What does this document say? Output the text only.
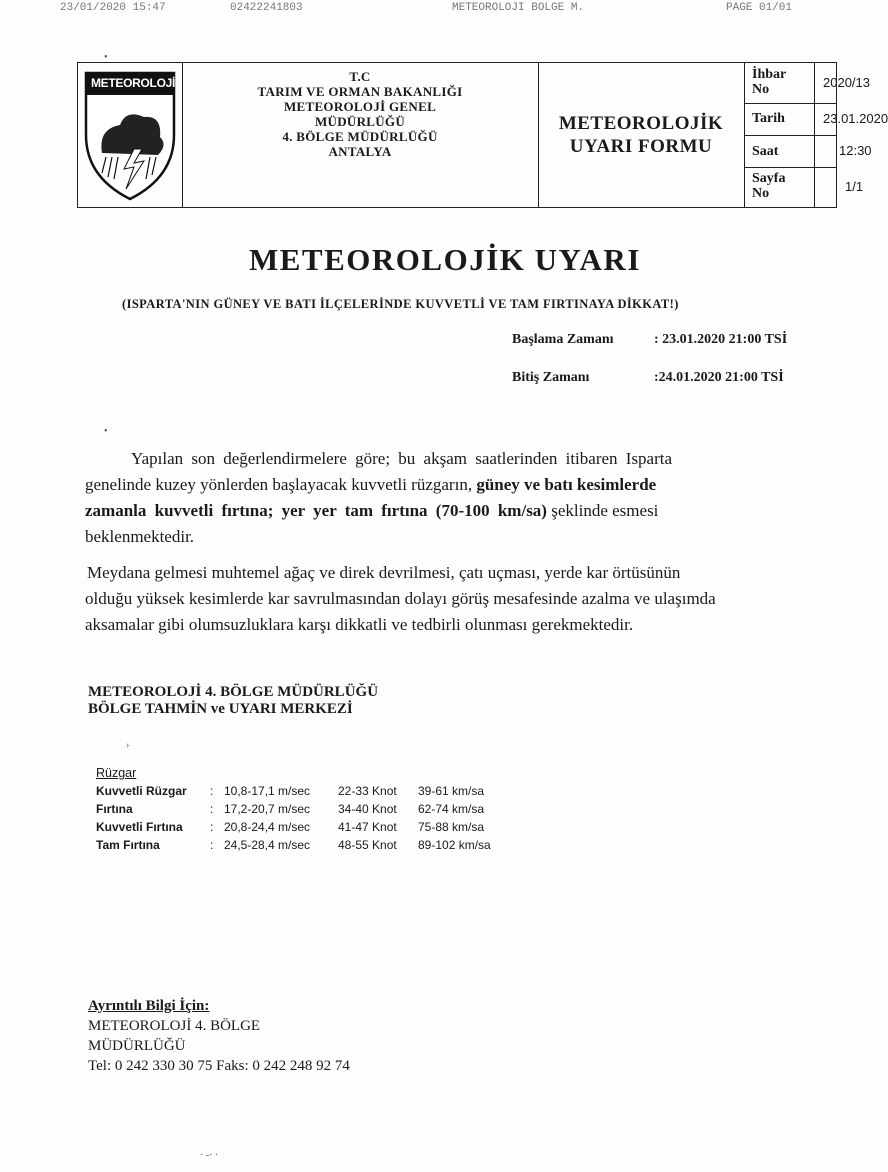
23/01/2020 15:47	02422241803	METEOROLOJI BOLGE M.	PAGE 01/01
METEOROLOJİ	T.C
TARIM VE ORMAN BAKANLIĞI
METEOROLOJİ GENEL
MÜDÜRLÜĞÜ
4. BÖLGE MÜDÜRLÜĞÜ
ANTALYA
METEOROLOJİK
UYARI FORMU
İhbar
No	2020/13
Tarih	23.01.2020
Saat	12:30
Sayfa
No	1/1
METEOROLOJİK UYARI
(ISPARTA'NIN GÜNEY VE BATI İLÇELERİNDE KUVVETLİ VE TAM FIRTINAYA DİKKAT!)
Başlama Zamanı	: 23.01.2020 21:00 TSİ
Bitiş Zamanı	:24.01.2020 21:00 TSİ
Yapılan son değerlendirmelere göre; bu akşam saatlerinden itibaren Isparta
genelinde kuzey yönlerden başlayacak kuvvetli rüzgarın, güney ve batı kesimlerde
zamanla kuvvetli fırtına; yer yer tam fırtına (70-100 km/sa) şeklinde esmesi
beklenmektedir.
Meydana gelmesi muhtemel ağaç ve direk devrilmesi, çatı uçması, yerde kar örtüsünün
olduğu yüksek kesimlerde kar savrulmasından dolayı görüş mesafesinde azalma ve ulaşımda
aksamalar gibi olumsuzluklara karşı dikkatli ve tedbirli olunması gerekmektedir.
METEOROLOJİ 4. BÖLGE MÜDÜRLÜĞÜ
BÖLGE TAHMİN ve UYARI MERKEZİ
Rüzgar
Kuvvetli Rüzgar : 10,8-17,1 m/sec 22-33 Knot 39-61 km/sa
Fırtına	: 17,2-20,7 m/sec 34-40 Knot 62-74 km/sa
Kuvvetli Fırtına : 20,8-24,4 m/sec 41-47 Knot 75-88 km/sa
Tam Fırtına	: 24,5-28,4 m/sec 48-55 Knot 89-102 km/sa
Ayrıntılı Bilgi İçin:
METEOROLOJİ 4. BÖLGE
MÜDÜRLÜĞÜ
Tel: 0 242 330 30 75 Faks: 0 242 248 92 74
•
•
›
· -· ·
